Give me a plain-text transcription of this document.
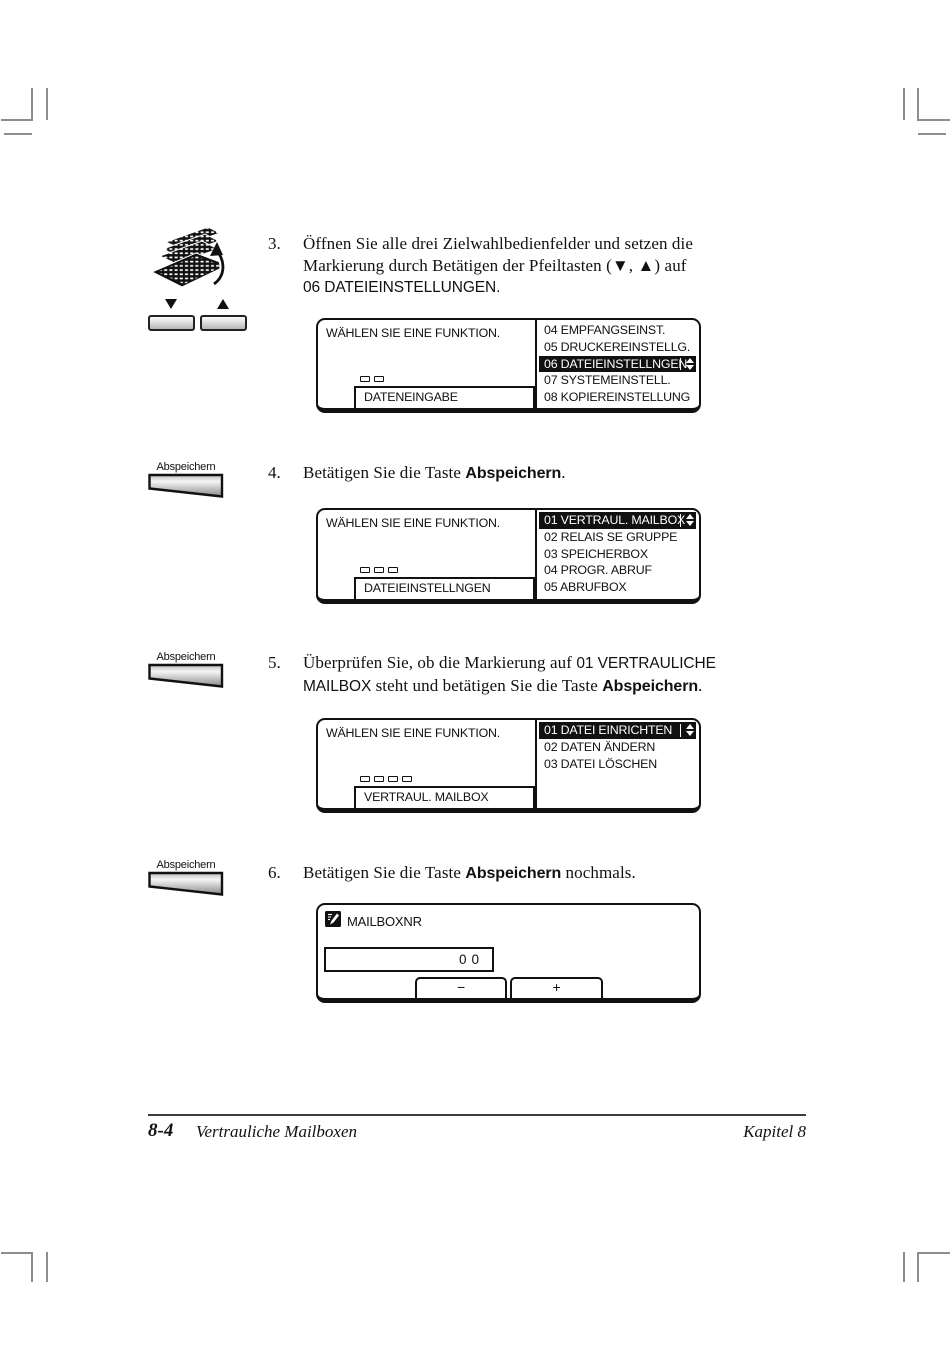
3. Öffnen Sie alle drei Zielwahlbedienfelder und setzen die
Markierung durch Betätigen der Pfeiltasten (▼, ▲) auf
06 DATEIEINSTELLUNGEN.
WÄHLEN SIE EINE FUNKTION.
DATENEINGABE
04 EMPFANGSEINST.
05 DRUCKEREINSTELLG.
06 DATEIEINSTELLNGEN
07 SYSTEMEINSTELL.
08 KOPIEREINSTELLUNG
Abspeichern	4. Betätigen Sie die Taste Abspeichern.
WÄHLEN SIE EINE FUNKTION.
DATEIEINSTELLNGEN
01 VERTRAUL. MAILBOX
02 RELAIS SE GRUPPE
03 SPEICHERBOX
04 PROGR. ABRUF
05 ABRUFBOX
Abspeichern	5. Überprüfen Sie, ob die Markierung auf 01 VERTRAULICHE
MAILBOX steht und betätigen Sie die Taste Abspeichern.
WÄHLEN SIE EINE FUNKTION.
VERTRAUL. MAILBOX
01 DATEI EINRICHTEN
02 DATEN ÄNDERN
03 DATEI LÖSCHEN
Abspeichern	6. Betätigen Sie die Taste Abspeichern nochmals.
MAILBOXNR
00
−	+
8-4 Vertrauliche Mailboxen	Kapitel 8
